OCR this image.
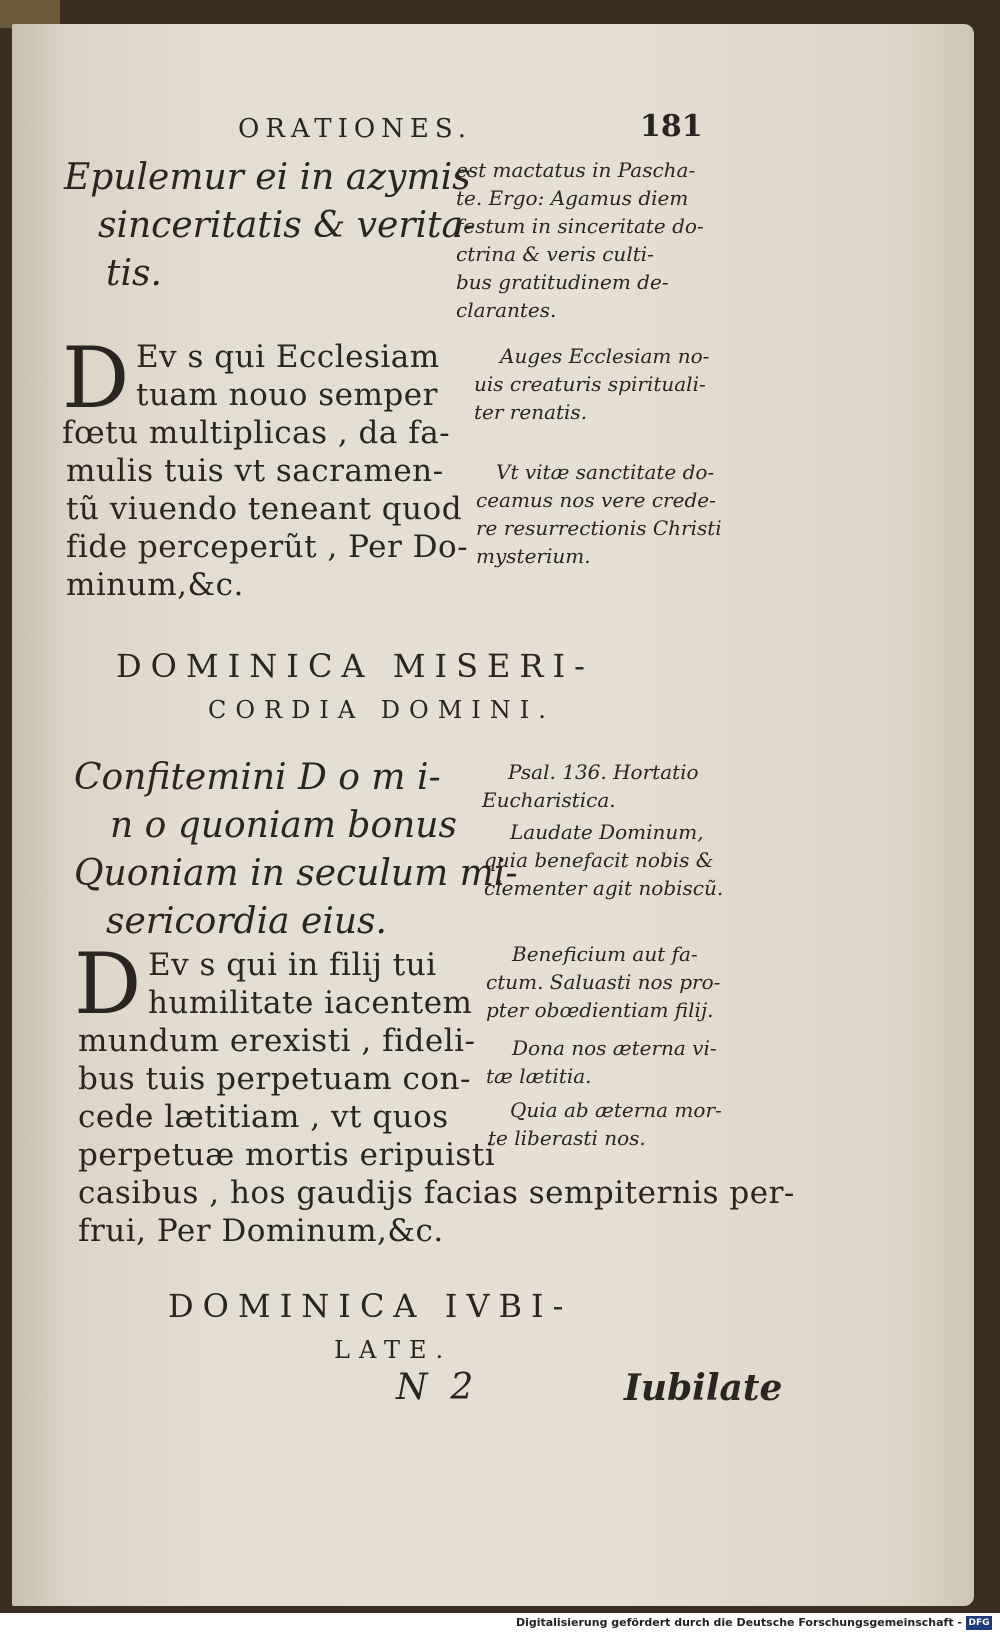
ORATIONES.	181

Epulemur ei in azymis

sinceritatis & verita-

tis.

est mactatus in Pascha-

te. Ergo: Agamus diem

festum in sinceritate do-

ctrina & veris culti-

bus gratitudinem de-

clarantes.

D Ev s qui Ecclesiam

tuam nouo semper

fœtu multiplicas , da fa-

mulis tuis vt sacramen-

tũ viuendo teneant quod

fide perceperũt , Per Do-

minum,&c.

Auges Ecclesiam no-

uis creaturis spirituali-

ter renatis.

Vt vitæ sanctitate do-

ceamus nos vere crede-

re resurrectionis Christi

mysterium.

DOMINICA MISERI-

CORDIA DOMINI.

Confitemini D o m i-

n o quoniam bonus

Quoniam in seculum mi-

sericordia eius.

Psal. 136. Hortatio

Eucharistica.

Laudate Dominum,

quia benefacit nobis &

clementer agit nobiscũ.

D Ev s qui in filij tui

humilitate iacentem

mundum erexisti , fideli-

bus tuis perpetuam con-

cede lætitiam , vt quos

perpetuæ mortis eripuisti

casibus , hos gaudijs facias sempiternis per-

frui, Per Dominum,&c.

Beneficium aut fa-

ctum. Saluasti nos pro-

pter obœdientiam filij.

Dona nos æterna vi-

tæ lætitia.

Quia ab æterna mor-

te liberasti nos.

DOMINICA IVBI-

LATE.

N  2	Iubilate

Digitalisierung gefördert durch die Deutsche Forschungsgemeinschaft - DFG
